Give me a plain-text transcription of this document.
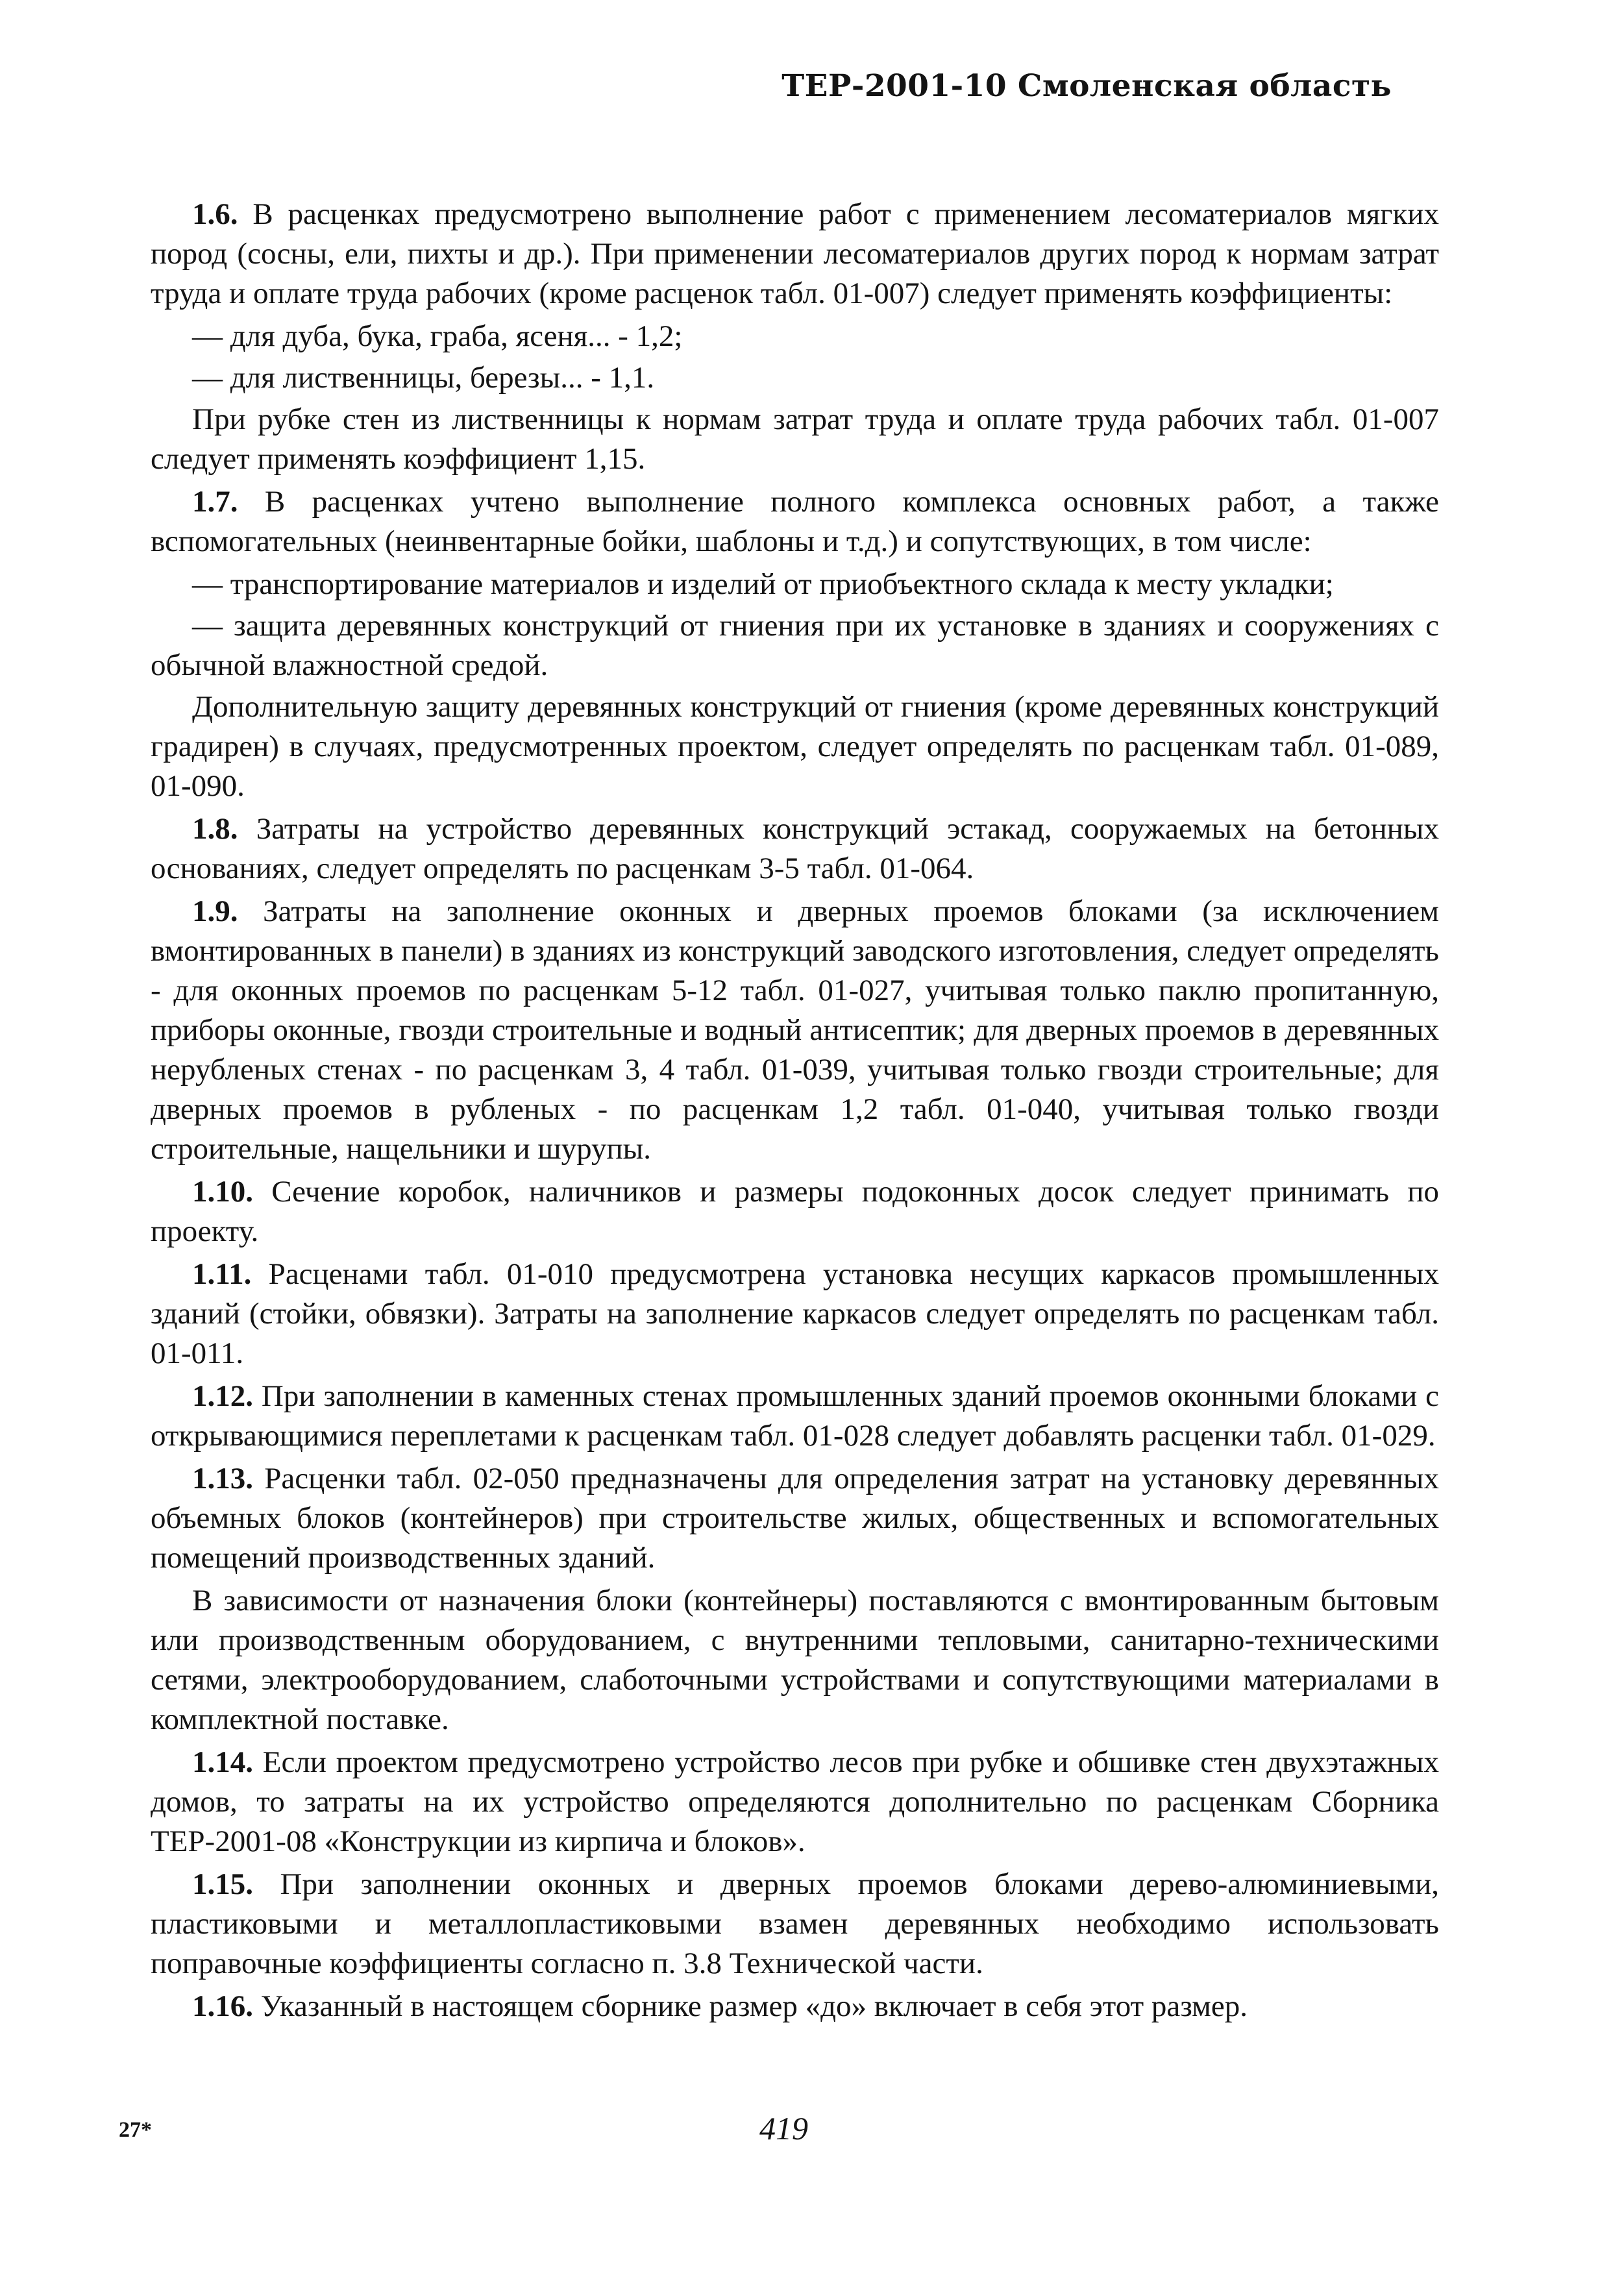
ТЕР-2001-10 Смоленская область

1.6. В расценках предусмотрено выполнение работ с применением лесоматериалов мягких пород (сосны, ели, пихты и др.). При применении лесоматериалов других пород к нормам затрат труда и оплате труда рабочих (кроме расценок табл. 01-007) следует применять коэффициенты:

— для дуба, бука, граба, ясеня... - 1,2;

— для лиственницы, березы... - 1,1.

При рубке стен из лиственницы к нормам затрат труда и оплате труда рабочих табл. 01-007 следует применять коэффициент 1,15.

1.7. В расценках учтено выполнение полного комплекса основных работ, а также вспомогательных (неинвентарные бойки, шаблоны и т.д.) и сопутствующих, в том числе:

— транспортирование материалов и изделий от приобъектного склада к месту укладки;

— защита деревянных конструкций от гниения при их установке в зданиях и сооружениях с обычной влажностной средой.

Дополнительную защиту деревянных конструкций от гниения (кроме деревянных конструкций градирен) в случаях, предусмотренных проектом, следует определять по расценкам табл. 01-089, 01-090.

1.8. Затраты на устройство деревянных конструкций эстакад, сооружаемых на бетонных основаниях, следует определять по расценкам 3-5 табл. 01-064.

1.9. Затраты на заполнение оконных и дверных проемов блоками (за исключением вмонтированных в панели) в зданиях из конструкций заводского изготовления, следует определять - для оконных проемов по расценкам 5-12 табл. 01-027, учитывая только паклю пропитанную, приборы оконные, гвозди строительные и водный антисептик; для дверных проемов в деревянных нерубленых стенах - по расценкам 3, 4 табл. 01-039, учитывая только гвозди строительные; для дверных проемов в рубленых - по расценкам 1,2 табл. 01-040, учитывая только гвозди строительные, нащельники и шурупы.

1.10. Сечение коробок, наличников и размеры подоконных досок следует принимать по проекту.

1.11. Расценами табл. 01-010 предусмотрена установка несущих каркасов промышленных зданий (стойки, обвязки). Затраты на заполнение каркасов следует определять по расценкам табл. 01-011.

1.12. При заполнении в каменных стенах промышленных зданий проемов оконными блоками с открывающимися переплетами к расценкам табл. 01-028 следует добавлять расценки табл. 01-029.

1.13. Расценки табл. 02-050 предназначены для определения затрат на установку деревянных объемных блоков (контейнеров) при строительстве жилых, общественных и вспомогательных помещений производственных зданий.

В зависимости от назначения блоки (контейнеры) поставляются с вмонтированным бытовым или производственным оборудованием, с внутренними тепловыми, санитарно-техническими сетями, электрооборудованием, слаботочными устройствами и сопутствующими материалами в комплектной поставке.

1.14. Если проектом предусмотрено устройство лесов при рубке и обшивке стен двухэтажных домов, то затраты на их устройство определяются дополнительно по расценкам Сборника ТЕР-2001-08 «Конструкции из кирпича и блоков».

1.15. При заполнении оконных и дверных проемов блоками дерево-алюминиевыми, пластиковыми и металлопластиковыми взамен деревянных необходимо использовать поправочные коэффициенты согласно п. 3.8 Технической части.

1.16. Указанный в настоящем сборнике размер «до» включает в себя этот размер.

27*	419
